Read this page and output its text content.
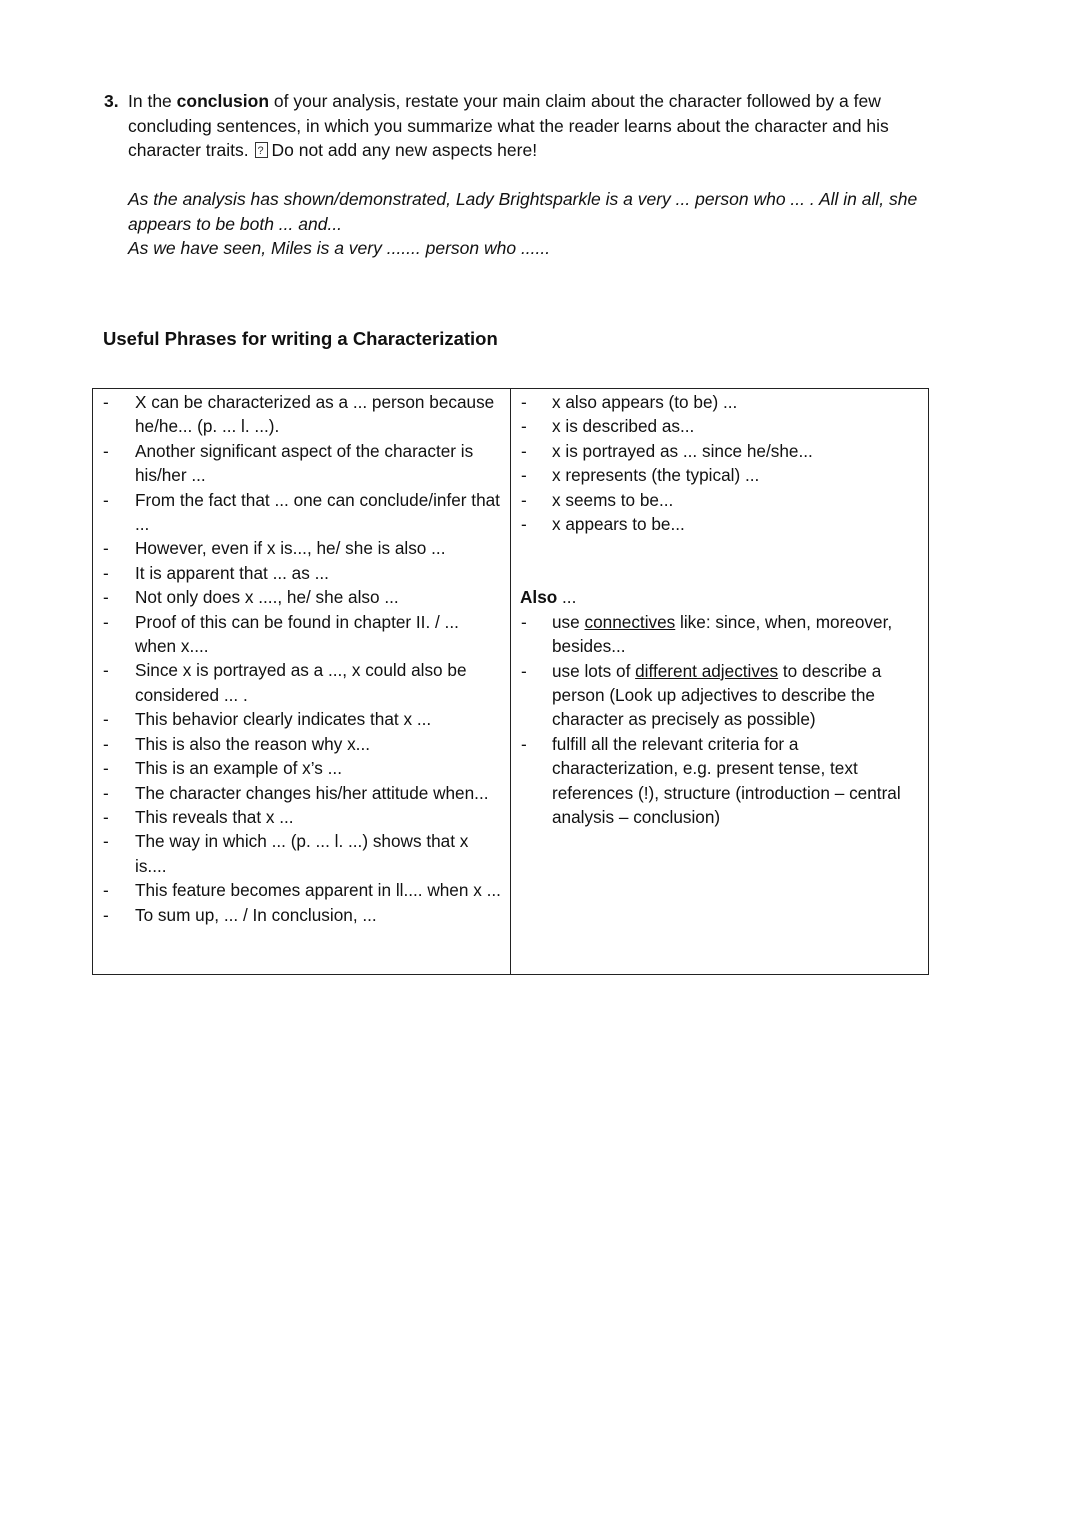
3. In the conclusion of your analysis, restate your main claim about the character followed by a few concluding sentences, in which you summarize what the reader learns about the character and his character traits. ? Do not add any new aspects here!

As the analysis has shown/demonstrated, Lady Brightsparkle is a very ... person who ... . All in all, she appears to be both ... and...

As we have seen, Miles is a very ....... person who ......

Useful Phrases for writing a Characterization
- X can be characterized as a ... person because he/he... (p. ... l. ...).
- Another significant aspect of the character is his/her ...
- From the fact that ... one can conclude/infer that ...
- However, even if x is..., he/ she is also ...
- It is apparent that ... as ...
- Not only does x ...., he/ she also ...
- Proof of this can be found in chapter II. / ... when x....
- Since x is portrayed as a ..., x could also be considered ... .
- This behavior clearly indicates that x ...
- This is also the reason why x...
- This is an example of x’s ...
- The character changes his/her attitude when...
- This reveals that x ...
- The way in which ... (p. ... l. ...) shows that x is....
- This feature becomes apparent in ll.... when x ...
- To sum up, ... / In conclusion, ...
- x also appears (to be) ...
- x is described as...
- x is portrayed as ... since he/she...
- x represents (the typical) ...
- x seems to be...
- x appears to be...
Also ...
- use connectives like: since, when, moreover, besides...
- use lots of different adjectives to describe a person (Look up adjectives to describe the character as precisely as possible)
- fulfill all the relevant criteria for a characterization, e.g. present tense, text references (!), structure (introduction – central analysis – conclusion)
